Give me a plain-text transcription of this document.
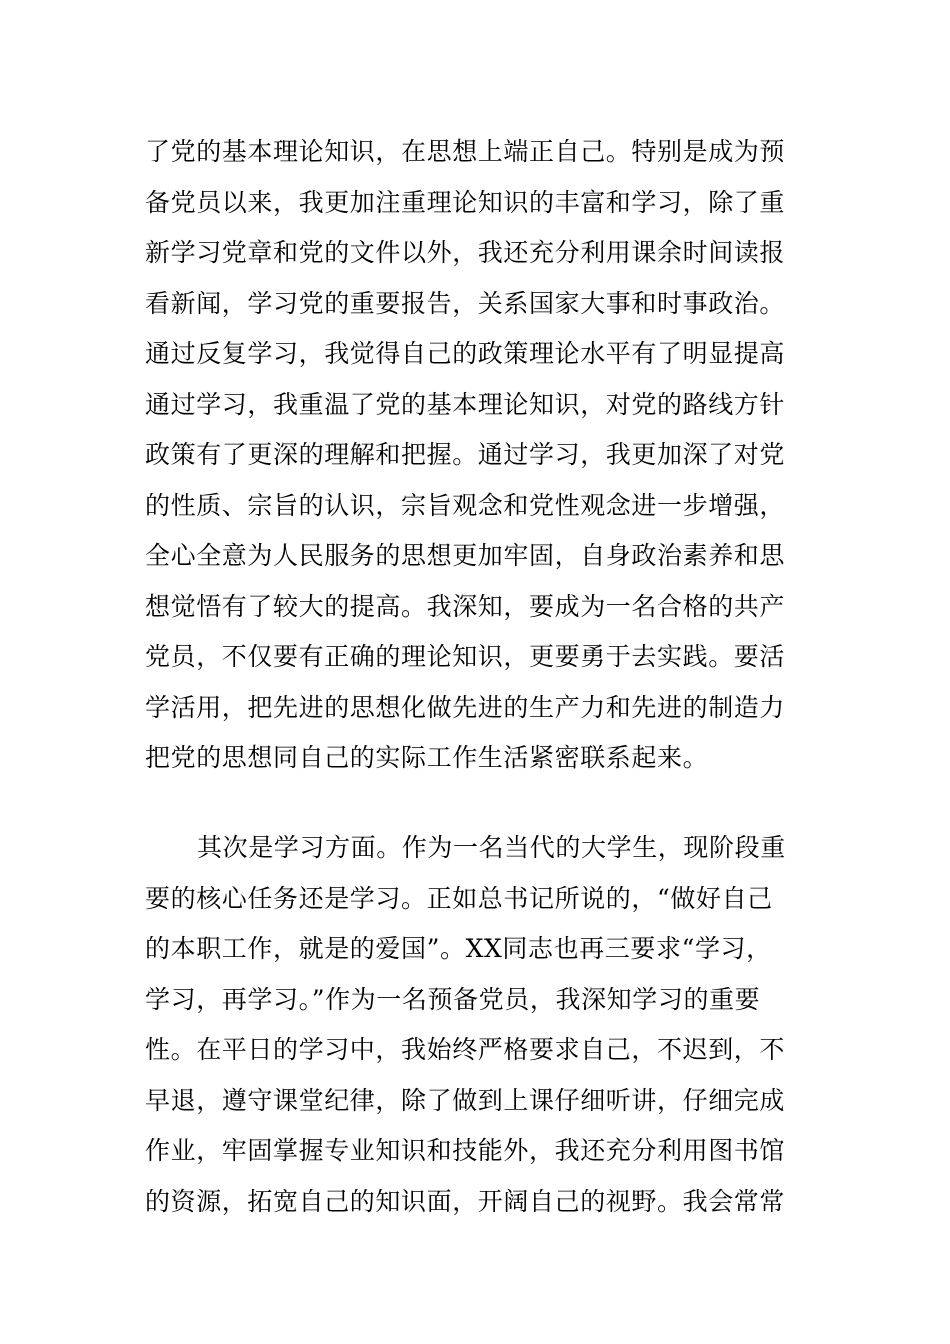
了党的基本理论知识，在思想上端正自己。特别是成为预
备党员以来，我更加注重理论知识的丰富和学习，除了重
新学习党章和党的文件以外，我还充分利用课余时间读报
看新闻，学习党的重要报告，关系国家大事和时事政治。
通过反复学习，我觉得自己的政策理论水平有了明显提高
通过学习，我重温了党的基本理论知识，对党的路线方针
政策有了更深的理解和把握。通过学习，我更加深了对党
的性质、宗旨的认识，宗旨观念和党性观念进一步增强，
全心全意为人民服务的思想更加牢固，自身政治素养和思
想觉悟有了较大的提高。我深知，要成为一名合格的共产
党员，不仅要有正确的理论知识，更要勇于去实践。要活
学活用，把先进的思想化做先进的生产力和先进的制造力
把党的思想同自己的实际工作生活紧密联系起来。
其次是学习方面。作为一名当代的大学生，现阶段重
要的核心任务还是学习。正如总书记所说的，“做好自己
的本职工作，就是的爱国”。XX同志也再三要求“学习，
学习，再学习。”作为一名预备党员，我深知学习的重要
性。在平日的学习中，我始终严格要求自己，不迟到，不
早退，遵守课堂纪律，除了做到上课仔细听讲，仔细完成
作业，牢固掌握专业知识和技能外，我还充分利用图书馆
的资源，拓宽自己的知识面，开阔自己的视野。我会常常
